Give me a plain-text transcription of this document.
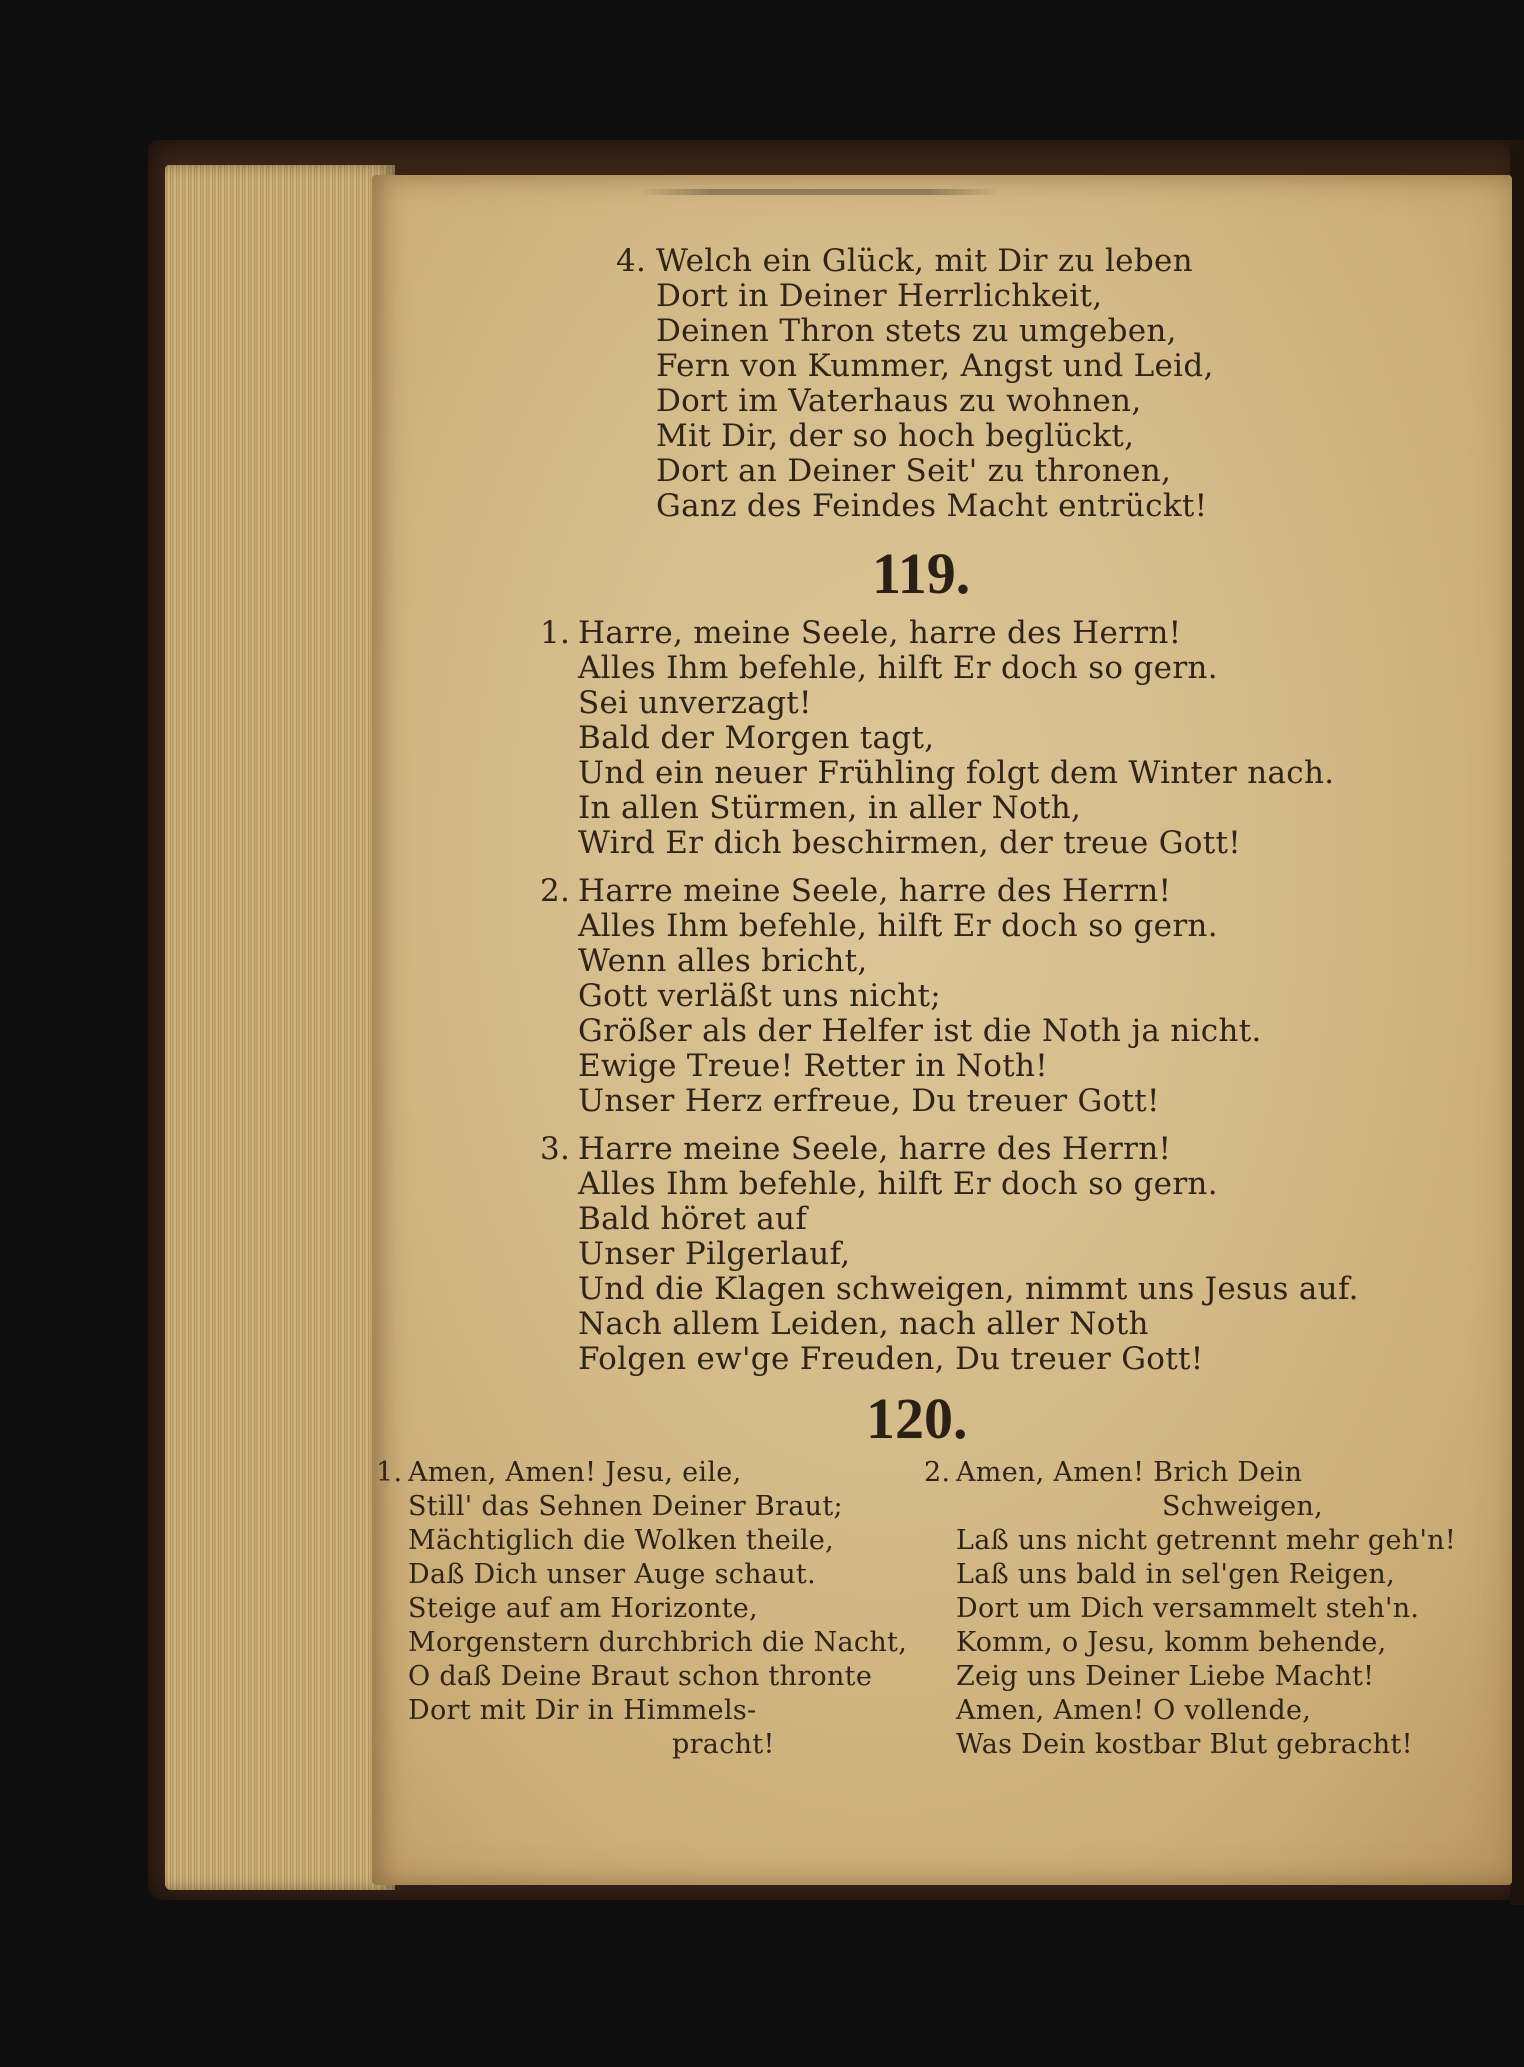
4. Welch ein Glück, mit Dir zu leben
Dort in Deiner Herrlichkeit,
Deinen Thron stets zu umgeben,
Fern von Kummer, Angst und Leid,
Dort im Vaterhaus zu wohnen,
Mit Dir, der so hoch beglückt,
Dort an Deiner Seit' zu thronen,
Ganz des Feindes Macht entrückt!
119.
1. Harre, meine Seele, harre des Herrn!
Alles Ihm befehle, hilft Er doch so gern.
Sei unverzagt!
Bald der Morgen tagt,
Und ein neuer Frühling folgt dem Winter nach.
In allen Stürmen, in aller Noth,
Wird Er dich beschirmen, der treue Gott!
2. Harre meine Seele, harre des Herrn!
Alles Ihm befehle, hilft Er doch so gern.
Wenn alles bricht,
Gott verläßt uns nicht;
Größer als der Helfer ist die Noth ja nicht.
Ewige Treue! Retter in Noth!
Unser Herz erfreue, Du treuer Gott!
3. Harre meine Seele, harre des Herrn!
Alles Ihm befehle, hilft Er doch so gern.
Bald höret auf
Unser Pilgerlauf,
Und die Klagen schweigen, nimmt uns Jesus auf.
Nach allem Leiden, nach aller Noth
Folgen ew'ge Freuden, Du treuer Gott!
120.
1. Amen, Amen! Jesu, eile,
Still' das Sehnen Deiner Braut;
Mächtiglich die Wolken theile,
Daß Dich unser Auge schaut.
Steige auf am Horizonte,
Morgenstern durchbrich die Nacht,
O daß Deine Braut schon thronte
Dort mit Dir in Himmels-
pracht!
2. Amen, Amen! Brich Dein
Schweigen,
Laß uns nicht getrennt mehr geh'n!
Laß uns bald in sel'gen Reigen,
Dort um Dich versammelt steh'n.
Komm, o Jesu, komm behende,
Zeig uns Deiner Liebe Macht!
Amen, Amen! O vollende,
Was Dein kostbar Blut gebracht!
